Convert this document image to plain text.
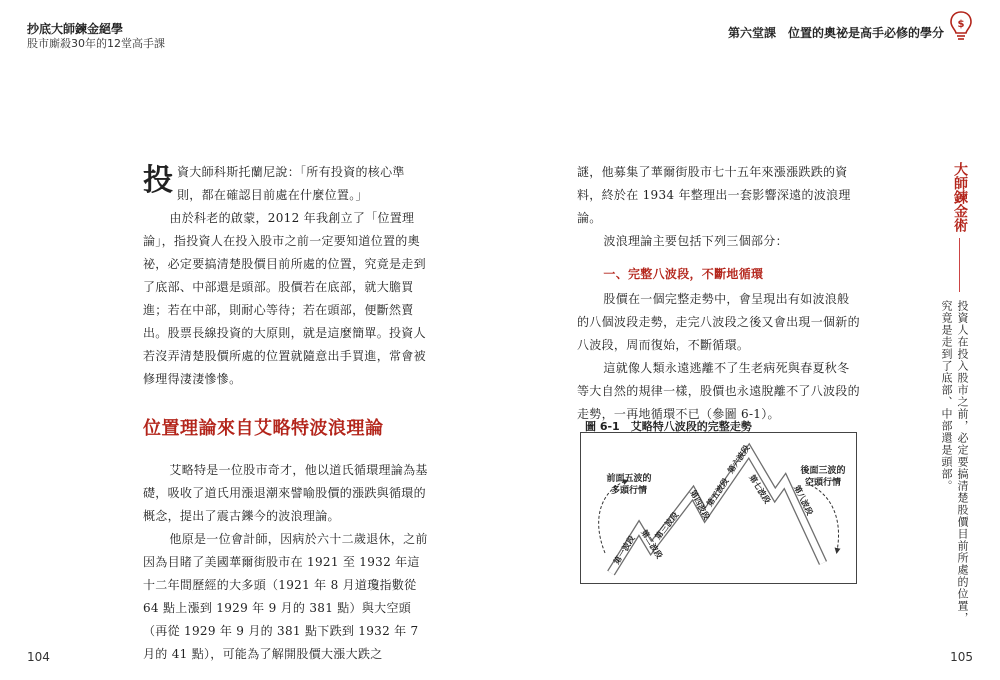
抄底大師鍊金絕學
股市廝殺30年的12堂高手課
第六堂課　位置的奧祕是高手必修的學分
$
投 資大師科斯托蘭尼說：「所有投資的核心準則，都在確認目前處在什麼位置。」

由於科老的啟蒙，2012 年我創立了「位置理論」，指投資人在投入股市之前一定要知道位置的奧祕，必定要搞清楚股價目前所處的位置，究竟是走到了底部、中部還是頭部。股價若在底部，就大膽買進；若在中部，則耐心等待；若在頭部，便斷然賣出。股票長線投資的大原則，就是這麼簡單。投資人若沒弄清楚股價所處的位置就隨意出手買進，常會被修理得淒淒慘慘。

位置理論來自艾略特波浪理論

艾略特是一位股市奇才，他以道氏循環理論為基礎，吸收了道氏用漲退潮來譬喻股價的漲跌與循環的概念，提出了震古鑠今的波浪理論。

他原是一位會計師，因病於六十二歲退休，之前因為目睹了美國華爾街股市在 1921 至 1932 年這十二年間歷經的大多頭（1921 年 8 月道瓊指數從 64 點上漲到 1929 年 9 月的 381 點）與大空頭（再從 1929 年 9 月的 381 點下跌到 1932 年 7 月的 41 點），可能為了解開股價大漲大跌之

謎，他募集了華爾街股市七十五年來漲漲跌跌的資料，終於在 1934 年整理出一套影響深遠的波浪理論。

波浪理論主要包括下列三個部分：

一、完整八波段，不斷地循環

股價在一個完整走勢中，會呈現出有如波浪般的八個波段走勢，走完八波段之後又會出現一個新的八波段，周而復始，不斷循環。

這就像人類永遠逃離不了生老病死與春夏秋冬等大自然的規律一樣，股價也永遠脫離不了八波段的走勢，一再地循環不已（參圖 6-1）。

圖 6-1　艾略特八波段的完整走勢
第一波段 第二波段
第三波段
第四波段
第五波段
第六波段
第七波段	第八波段
前面五波的
多頭行情
後面三波的
空頭行情
大師鍊金術
投資人在投入股市之前，必定要搞清楚股價目前所處的位置，
究竟是走到了底部、中部還是頭部。
104	105
